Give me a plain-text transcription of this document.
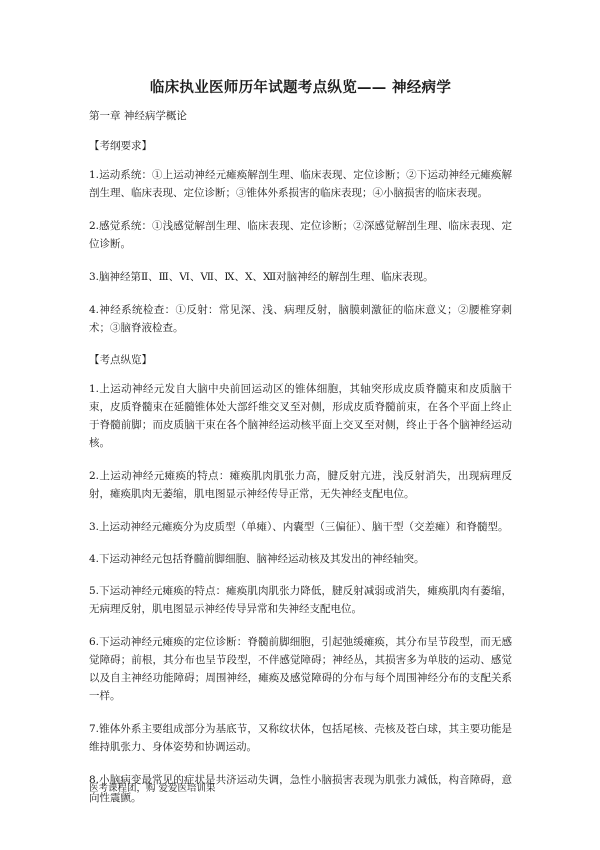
临床执业医师历年试题考点纵览—— 神经病学
第一章 神经病学概论
【考纲要求】

1.运动系统：①上运动神经元瘫痪解剖生理、临床表现、定位诊断；②下运动神经元瘫痪解剖生理、临床表现、定位诊断；③锥体外系损害的临床表现；④小脑损害的临床表现。

2.感觉系统：①浅感觉解剖生理、临床表现、定位诊断；②深感觉解剖生理、临床表现、定位诊断。

3.脑神经第Ⅱ、Ⅲ、Ⅵ、Ⅶ、Ⅸ、Ⅹ、Ⅻ对脑神经的解剖生理、临床表现。

4.神经系统检查：①反射：常见深、浅、病理反射，脑膜刺激征的临床意义；②腰椎穿刺术；③脑脊液检查。

【考点纵览】

1.上运动神经元发自大脑中央前回运动区的锥体细胞，其轴突形成皮质脊髓束和皮质脑干束，皮质脊髓束在延髓锥体处大部纤维交叉至对侧，形成皮质脊髓前束，在各个平面上终止于脊髓前脚；而皮质脑干束在各个脑神经运动核平面上交叉至对侧，终止于各个脑神经运动核。

2.上运动神经元瘫痪的特点：瘫痪肌肉肌张力高，腱反射亢进，浅反射消失，出现病理反射，瘫痪肌肉无萎缩，肌电图显示神经传导正常，无失神经支配电位。

3.上运动神经元瘫痪分为皮质型（单瘫）、内囊型（三偏征）、脑干型（交差瘫）和脊髓型。

4.下运动神经元包括脊髓前脚细胞、脑神经运动核及其发出的神经轴突。

5.下运动神经元瘫痪的特点：瘫痪肌肉肌张力降低，腱反射减弱或消失，瘫痪肌肉有萎缩，无病理反射，肌电图显示神经传导异常和失神经支配电位。

6.下运动神经元瘫痪的定位诊断：脊髓前脚细胞，引起弛缓瘫痪，其分布呈节段型，而无感觉障碍；前根，其分布也呈节段型，不伴感觉障碍；神经丛，其损害多为单肢的运动、感觉以及自主神经功能障碍；周围神经，瘫痪及感觉障碍的分布与每个周围神经分布的支配关系一样。

7.锥体外系主要组成部分为基底节，又称纹状体，包括尾核、壳核及苍白球，其主要功能是维持肌张力、身体姿势和协调运动。

8.小脑病变最常见的症状是共济运动失调，急性小脑损害表现为肌张力减低，构音障碍，意向性震颤。

医考课程团，购 爱爱医培训果
